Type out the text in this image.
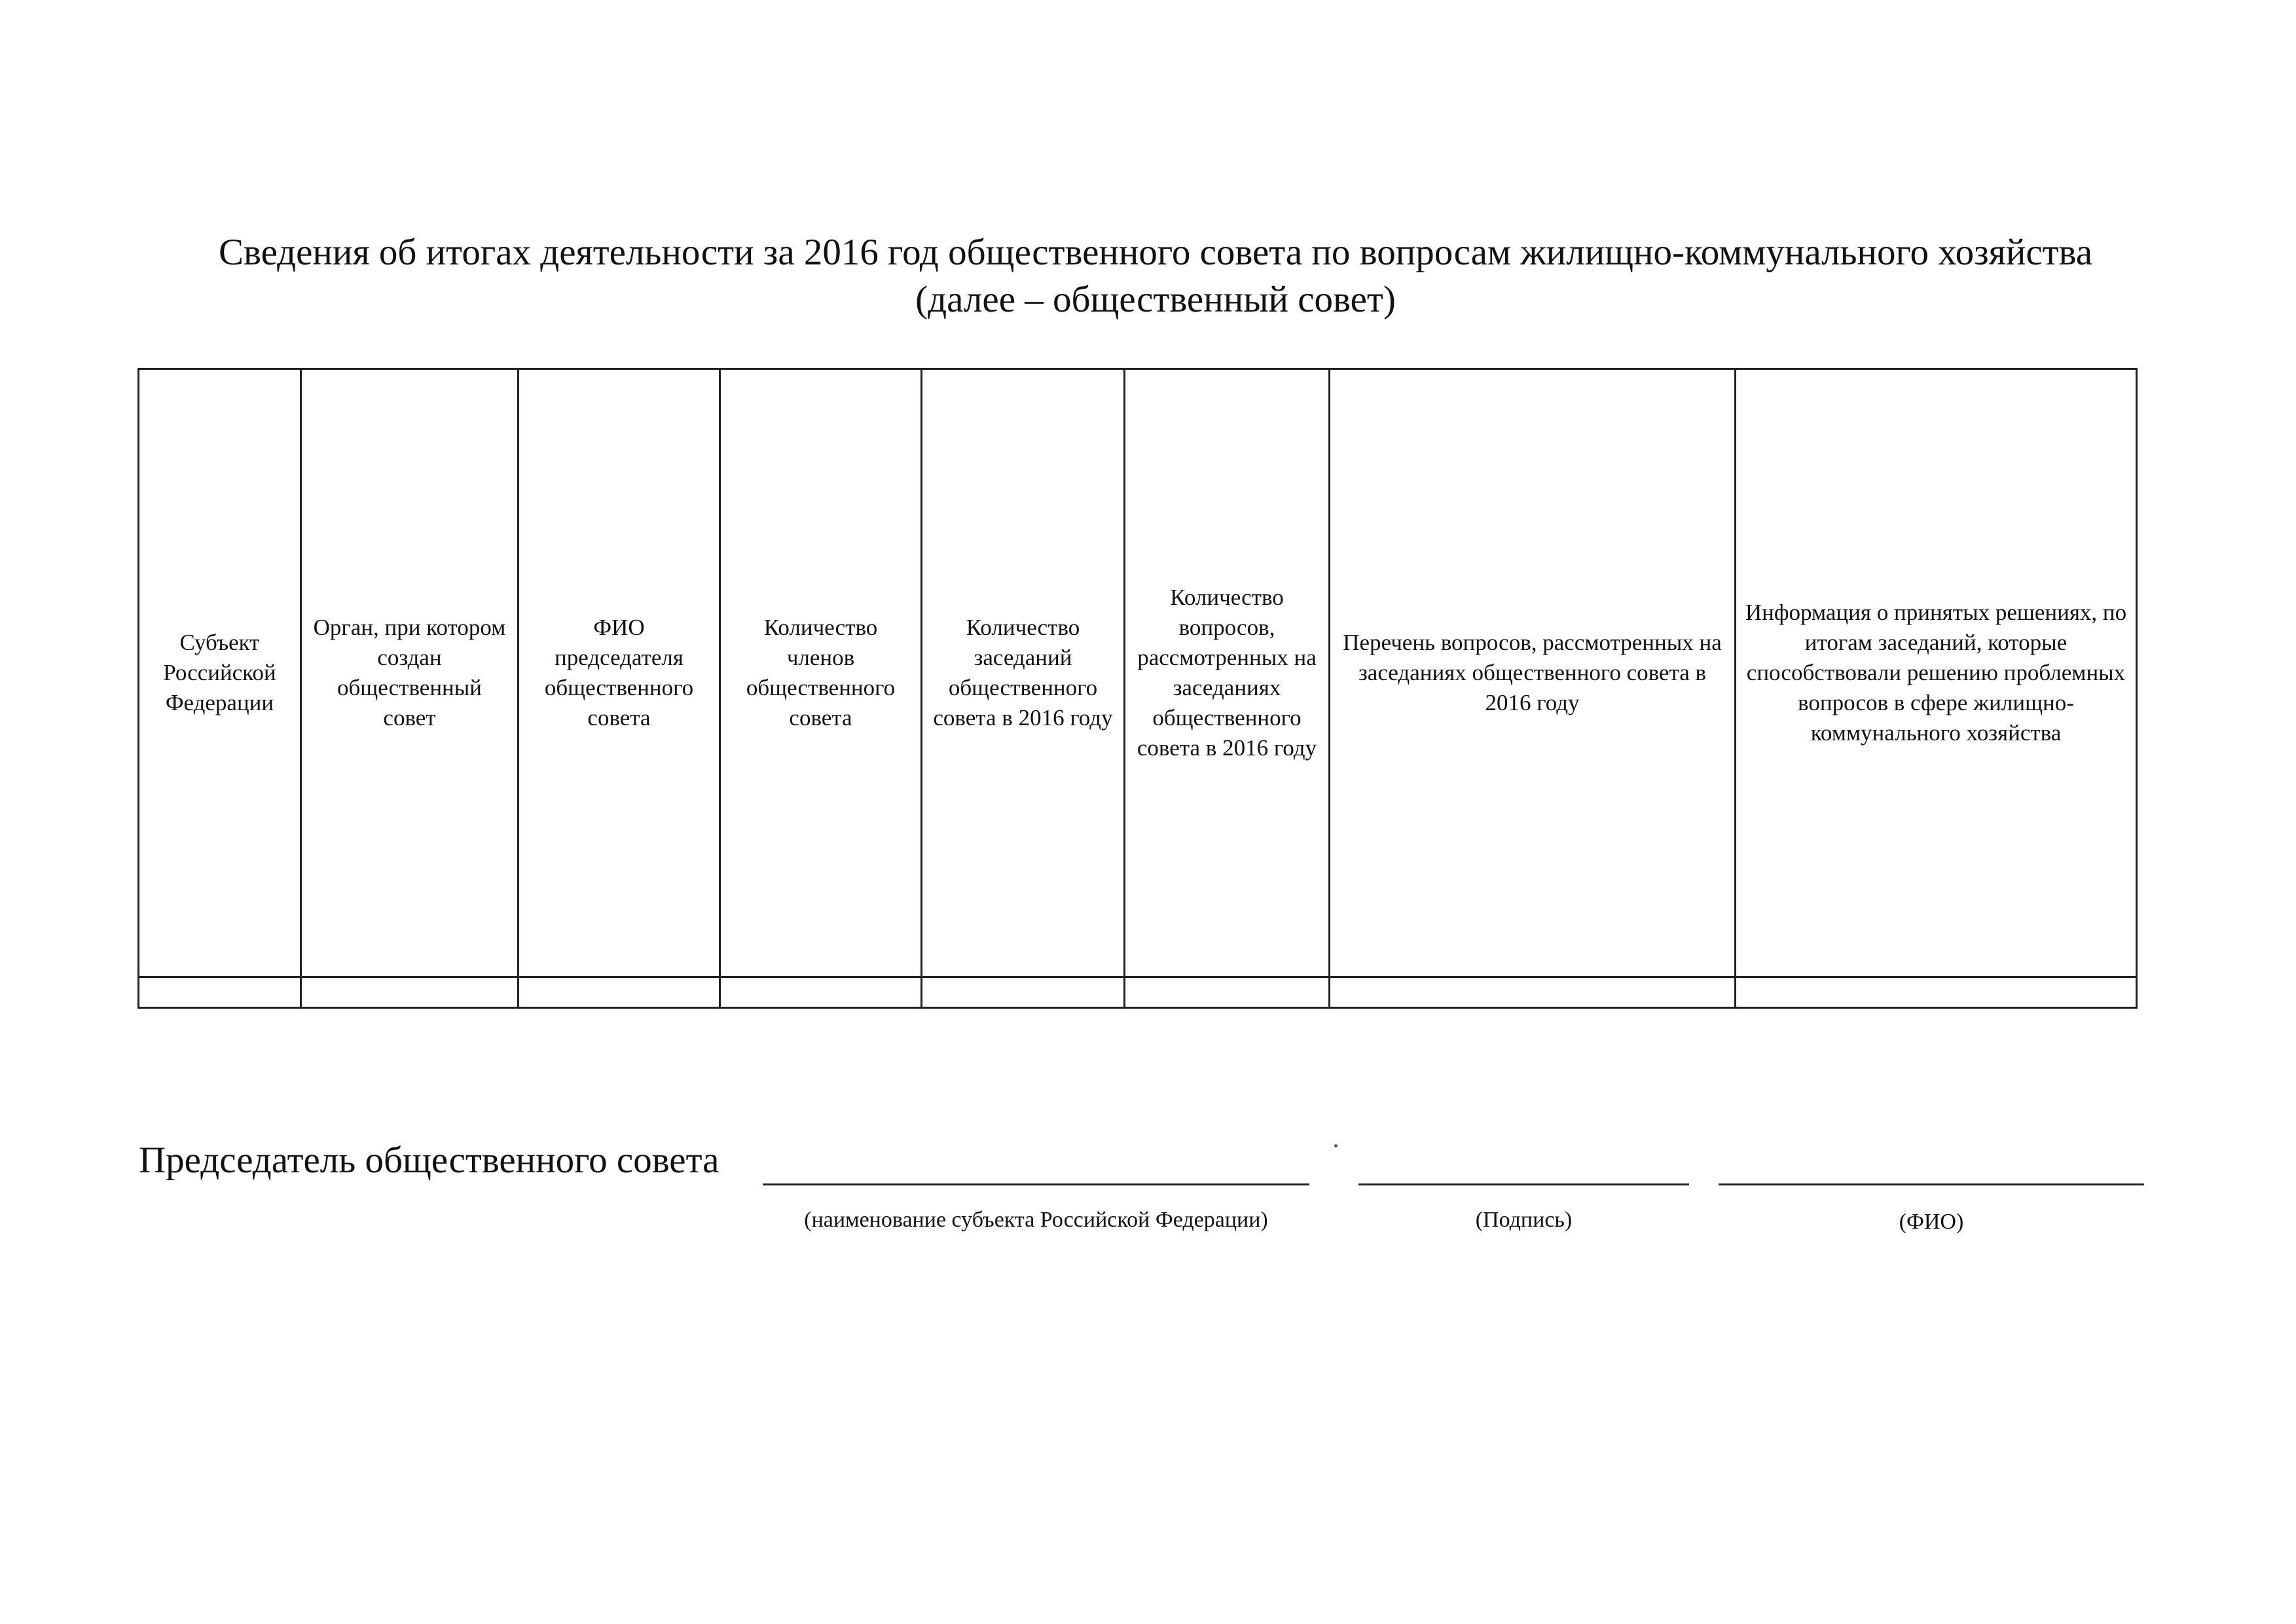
Сведения об итогах деятельности за 2016 год общественного совета по вопросам жилищно-коммунального хозяйства
(далее – общественный совет)
Субъект Российской Федерации	Орган, при котором создан общественный совет	ФИО председателя общественного совета	Количество членов общественного совета	Количество заседаний общественного совета в 2016 году	Количество вопросов, рассмотренных на заседаниях общественного совета в 2016 году	Перечень вопросов, рассмотренных на заседаниях общественного совета в 2016 году	Информация о принятых решениях, по итогам заседаний, которые способствовали решению проблемных вопросов в сфере жилищно-коммунального хозяйства

Председатель общественного совета
(наименование субъекта Российской Федерации)	(Подпись)	(ФИО)
